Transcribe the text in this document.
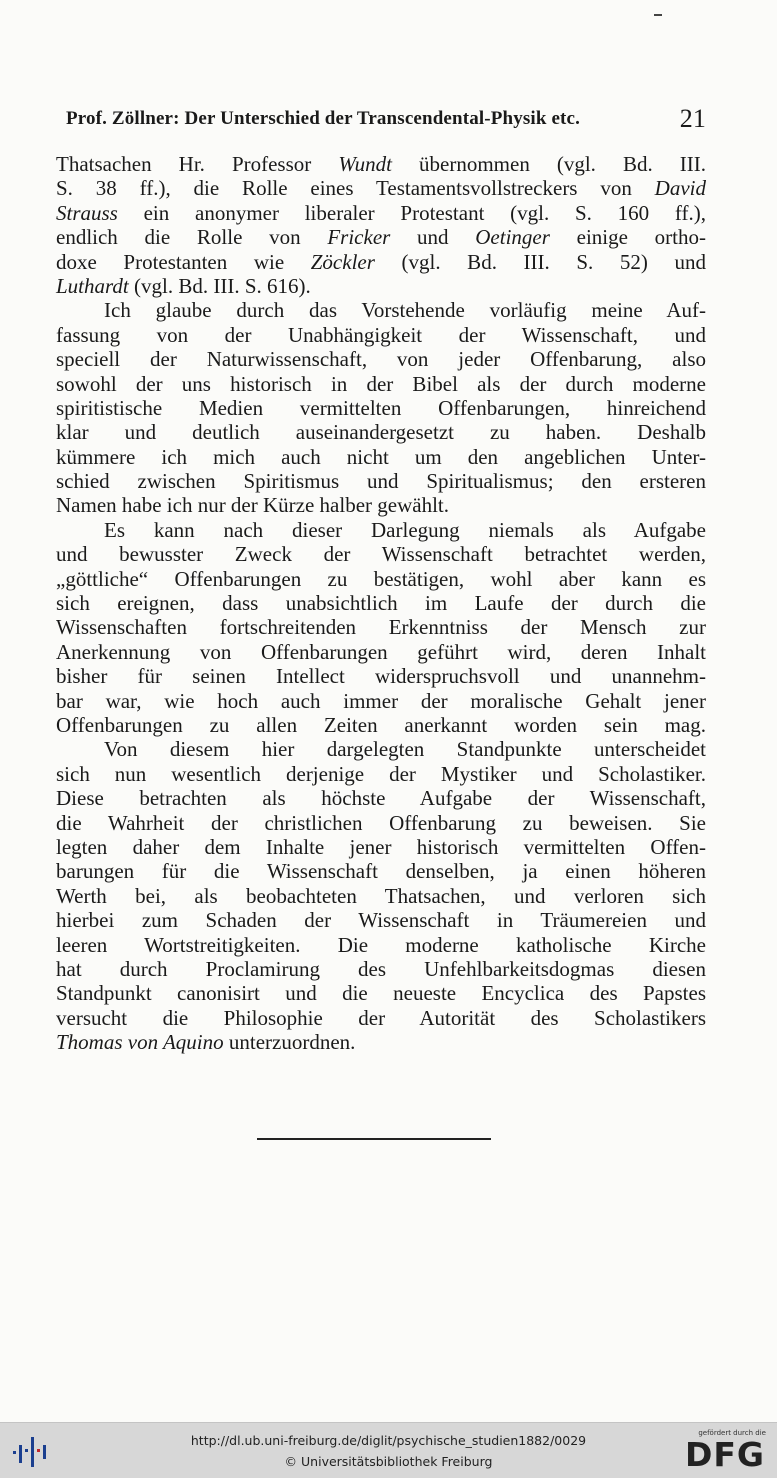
Prof. Zöllner: Der Unterschied der Transcendental-Physik etc.	21
Thatsachen Hr. Professor Wundt übernommen (vgl. Bd. III.
S. 38 ff.), die Rolle eines Testamentsvollstreckers von David
Strauss ein anonymer liberaler Protestant (vgl. S. 160 ff.),
endlich die Rolle von Fricker und Oetinger einige ortho-
doxe Protestanten wie Zöckler (vgl. Bd. III. S. 52) und
Luthardt (vgl. Bd. III. S. 616).
Ich glaube durch das Vorstehende vorläufig meine Auf-
fassung von der Unabhängigkeit der Wissenschaft, und
speciell der Naturwissenschaft, von jeder Offenbarung, also
sowohl der uns historisch in der Bibel als der durch moderne
spiritistische Medien vermittelten Offenbarungen, hinreichend
klar und deutlich auseinandergesetzt zu haben. Deshalb
kümmere ich mich auch nicht um den angeblichen Unter-
schied zwischen Spiritismus und Spiritualismus; den ersteren
Namen habe ich nur der Kürze halber gewählt.
Es kann nach dieser Darlegung niemals als Aufgabe
und bewusster Zweck der Wissenschaft betrachtet werden,
„göttliche“ Offenbarungen zu bestätigen, wohl aber kann es
sich ereignen, dass unabsichtlich im Laufe der durch die
Wissenschaften fortschreitenden Erkenntniss der Mensch zur
Anerkennung von Offenbarungen geführt wird, deren Inhalt
bisher für seinen Intellect widerspruchsvoll und unannehm-
bar war, wie hoch auch immer der moralische Gehalt jener
Offenbarungen zu allen Zeiten anerkannt worden sein mag.
Von diesem hier dargelegten Standpunkte unterscheidet
sich nun wesentlich derjenige der Mystiker und Scholastiker.
Diese betrachten als höchste Aufgabe der Wissenschaft,
die Wahrheit der christlichen Offenbarung zu beweisen. Sie
legten daher dem Inhalte jener historisch vermittelten Offen-
barungen für die Wissenschaft denselben, ja einen höheren
Werth bei, als beobachteten Thatsachen, und verloren sich
hierbei zum Schaden der Wissenschaft in Träumereien und
leeren Wortstreitigkeiten. Die moderne katholische Kirche
hat durch Proclamirung des Unfehlbarkeitsdogmas diesen
Standpunkt canonisirt und die neueste Encyclica des Papstes
versucht die Philosophie der Autorität des Scholastikers
Thomas von Aquino unterzuordnen.
http://dl.ub.uni-freiburg.de/diglit/psychische_studien1882/0029
© Universitätsbibliothek Freiburg
gefördert durch die
DFG
